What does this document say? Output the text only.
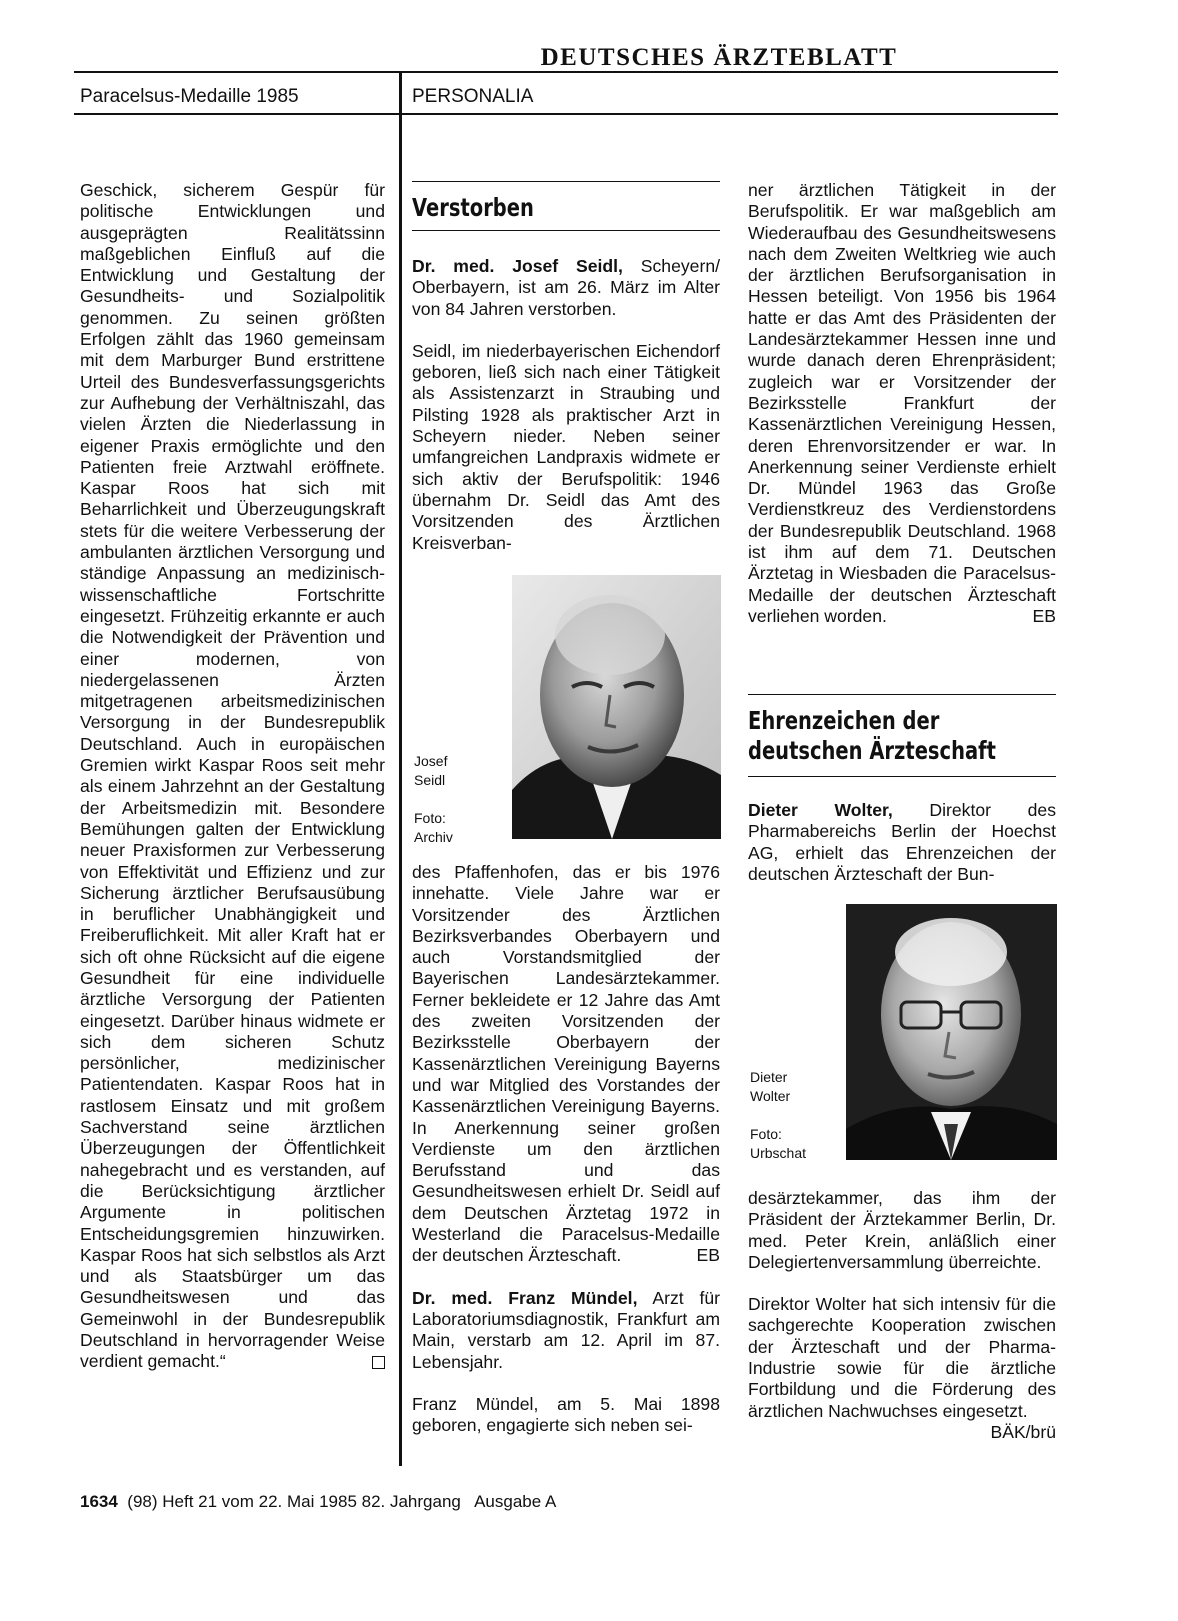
DEUTSCHES ÄRZTEBLATT
Paracelsus-Medaille 1985	PERSONALIA

Geschick, sicherem Gespür für politische Entwicklungen und ausgeprägten Realitätssinn maßgeblichen Einfluß auf die Entwicklung und Gestaltung der Gesundheits- und Sozialpolitik genommen. Zu seinen größten Erfolgen zählt das 1960 gemeinsam mit dem Marburger Bund erstrittene Urteil des Bundesverfassungsgerichts zur Aufhebung der Verhältniszahl, das vielen Ärzten die Niederlassung in eigener Praxis ermöglichte und den Patienten freie Arztwahl eröffnete. Kaspar Roos hat sich mit Beharrlichkeit und Überzeugungskraft stets für die weitere Verbesserung der ambulanten ärztlichen Versorgung und ständige Anpassung an medizinisch-wissenschaftliche Fortschritte eingesetzt. Frühzeitig erkannte er auch die Notwendigkeit der Prävention und einer modernen, von niedergelassenen Ärzten mitgetragenen arbeitsmedizinischen Versorgung in der Bundesrepublik Deutschland. Auch in europäischen Gremien wirkt Kaspar Roos seit mehr als einem Jahrzehnt an der Gestaltung der Arbeitsmedizin mit. Besondere Bemühungen galten der Entwicklung neuer Praxisformen zur Verbesserung von Effektivität und Effizienz und zur Sicherung ärztlicher Berufsausübung in beruflicher Unabhängigkeit und Freiberuflichkeit. Mit aller Kraft hat er sich oft ohne Rücksicht auf die eigene Gesundheit für eine individuelle ärztliche Versorgung der Patienten eingesetzt. Darüber hinaus widmete er sich dem sicheren Schutz persönlicher, medizinischer Patientendaten. Kaspar Roos hat in rastlosem Einsatz und mit großem Sachverstand seine ärztlichen Überzeugungen der Öffentlichkeit nahegebracht und es verstanden, auf die Berücksichtigung ärztlicher Argumente in politischen Entscheidungsgremien hinzuwirken. Kaspar Roos hat sich selbstlos als Arzt und als Staatsbürger um das Gesundheitswesen und das Gemeinwohl in der Bundesrepublik Deutschland in hervorragender Weise verdient gemacht.“

Verstorben

Dr. med. Josef Seidl, Scheyern/ Oberbayern, ist am 26. März im Alter von 84 Jahren verstorben.

Seidl, im niederbayerischen Eichendorf geboren, ließ sich nach einer Tätigkeit als Assistenzarzt in Straubing und Pilsting 1928 als praktischer Arzt in Scheyern nieder. Neben seiner umfangreichen Landpraxis widmete er sich aktiv der Berufspolitik: 1946 übernahm Dr. Seidl das Amt des Vorsitzenden des Ärztlichen Kreisverban-

Josef
Seidl
Foto:
Archiv

des Pfaffenhofen, das er bis 1976 innehatte. Viele Jahre war er Vorsitzender des Ärztlichen Bezirksverbandes Oberbayern und auch Vorstandsmitglied der Bayerischen Landesärztekammer. Ferner bekleidete er 12 Jahre das Amt des zweiten Vorsitzenden der Bezirksstelle Oberbayern der Kassenärztlichen Vereinigung Bayerns und war Mitglied des Vorstandes der Kassenärztlichen Vereinigung Bayerns. In Anerkennung seiner großen Verdienste um den ärztlichen Berufsstand und das Gesundheitswesen erhielt Dr. Seidl auf dem Deutschen Ärztetag 1972 in Westerland die Paracelsus-Medaille der deutschen Ärzteschaft.	EB

Dr. med. Franz Mündel, Arzt für Laboratoriumsdiagnostik, Frankfurt am Main, verstarb am 12. April im 87. Lebensjahr.

Franz Mündel, am 5. Mai 1898 geboren, engagierte sich neben sei-

ner ärztlichen Tätigkeit in der Berufspolitik. Er war maßgeblich am Wiederaufbau des Gesundheitswesens nach dem Zweiten Weltkrieg wie auch der ärztlichen Berufsorganisation in Hessen beteiligt. Von 1956 bis 1964 hatte er das Amt des Präsidenten der Landesärztekammer Hessen inne und wurde danach deren Ehrenpräsident; zugleich war er Vorsitzender der Bezirksstelle Frankfurt der Kassenärztlichen Vereinigung Hessen, deren Ehrenvorsitzender er war. In Anerkennung seiner Verdienste erhielt Dr. Mündel 1963 das Große Verdienstkreuz des Verdienstordens der Bundesrepublik Deutschland. 1968 ist ihm auf dem 71. Deutschen Ärztetag in Wiesbaden die Paracelsus-Medaille der deutschen Ärzteschaft verliehen worden.	EB

Ehrenzeichen der
deutschen Ärzteschaft

Dieter Wolter, Direktor des Pharmabereichs Berlin der Hoechst AG, erhielt das Ehrenzeichen der deutschen Ärzteschaft der Bun-

Dieter
Wolter
Foto:
Urbschat

desärztekammer, das ihm der Präsident der Ärztekammer Berlin, Dr. med. Peter Krein, anläßlich einer Delegiertenversammlung überreichte.

Direktor Wolter hat sich intensiv für die sachgerechte Kooperation zwischen der Ärzteschaft und der Pharma-Industrie sowie für die ärztliche Fortbildung und die Förderung des ärztlichen Nachwuchses eingesetzt.
BÄK/brü

1634 (98) Heft 21 vom 22. Mai 1985 82. Jahrgang   Ausgabe A
